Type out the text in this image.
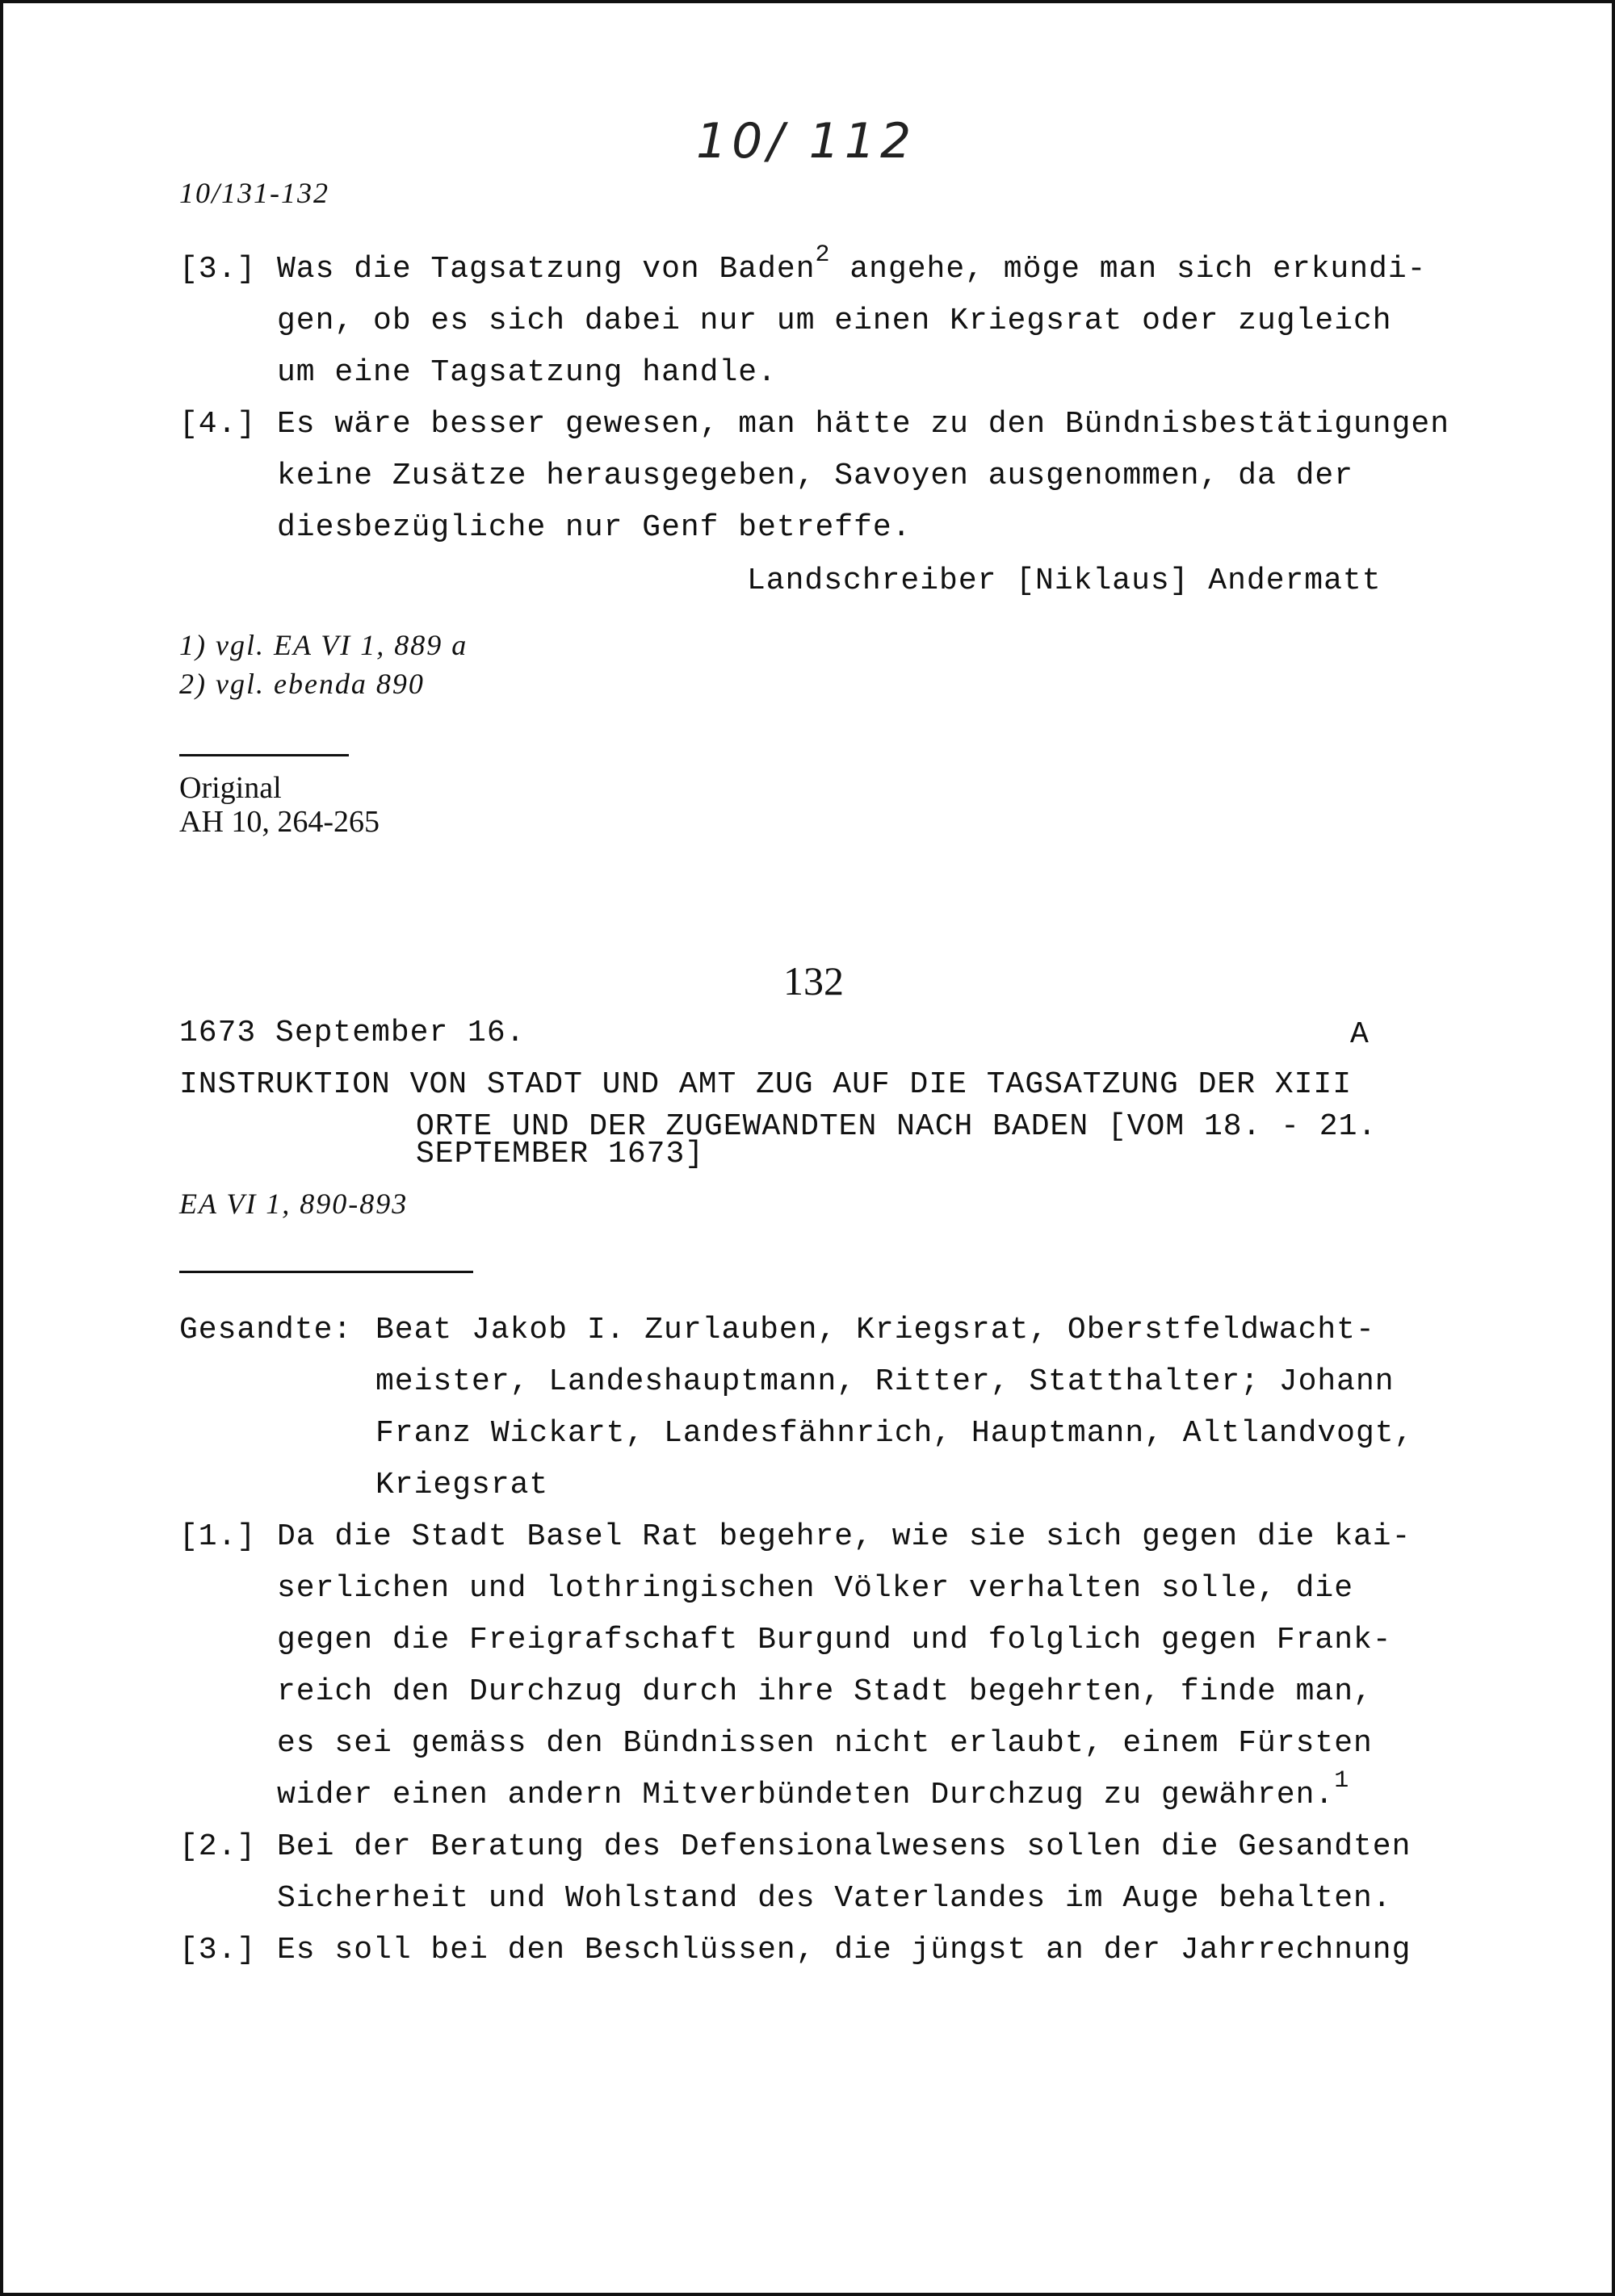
10/ 112
10/131-132
[3.] Was die Tagsatzung von Baden$^2$ angehe, möge man sich erkundi-
gen, ob es sich dabei nur um einen Kriegsrat oder zugleich
um eine Tagsatzung handle.
[4.] Es wäre besser gewesen, man hätte zu den Bündnisbestätigungen
keine Zusätze herausgegeben, Savoyen ausgenommen, da der
diesbezügliche nur Genf betreffe.
Landschreiber [Niklaus] Andermatt
1) vgl. EA VI 1, 889 a
2) vgl. ebenda 890
Original
AH 10, 264-265
132
1673 September 16.	A
INSTRUKTION VON STADT UND AMT ZUG AUF DIE TAGSATZUNG DER XIII
ORTE UND DER ZUGEWANDTEN NACH BADEN [VOM 18. - 21.
SEPTEMBER 1673]
EA VI 1, 890-893
Gesandte: Beat Jakob I. Zurlauben, Kriegsrat, Oberstfeldwacht-
meister, Landeshauptmann, Ritter, Statthalter; Johann
Franz Wickart, Landesfähnrich, Hauptmann, Altlandvogt,
Kriegsrat
[1.] Da die Stadt Basel Rat begehre, wie sie sich gegen die kai-
serlichen und lothringischen Völker verhalten solle, die
gegen die Freigrafschaft Burgund und folglich gegen Frank-
reich den Durchzug durch ihre Stadt begehrten, finde man,
es sei gemäss den Bündnissen nicht erlaubt, einem Fürsten
wider einen andern Mitverbündeten Durchzug zu gewähren.$^1$
[2.] Bei der Beratung des Defensionalwesens sollen die Gesandten
Sicherheit und Wohlstand des Vaterlandes im Auge behalten.
[3.] Es soll bei den Beschlüssen, die jüngst an der Jahrrechnung
